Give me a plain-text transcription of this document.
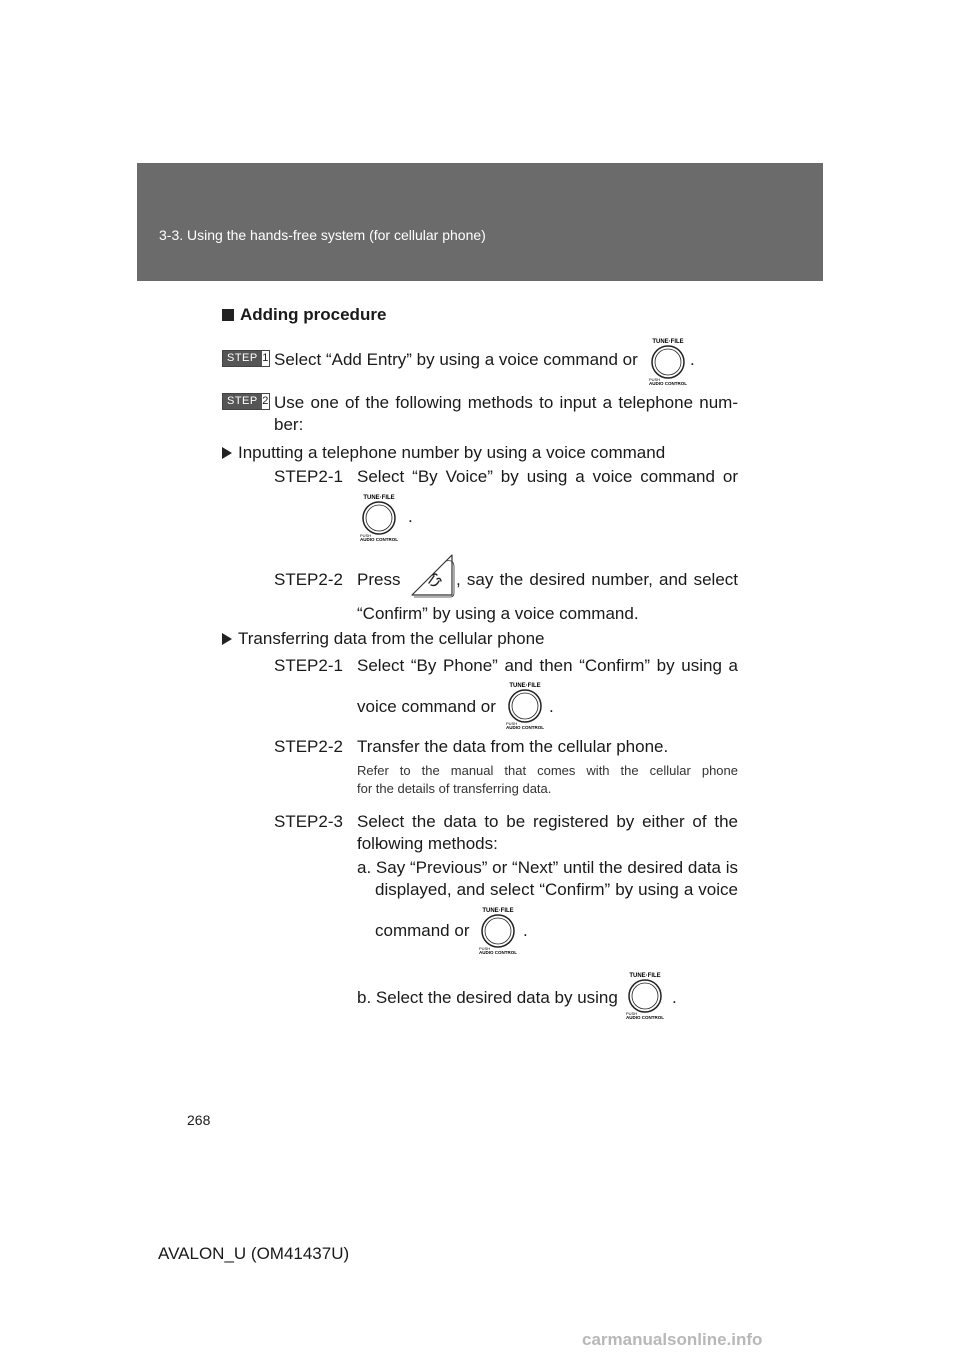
3-3. Using the hands-free system (for cellular phone)
Adding procedure
STEP 1 Select “Add Entry” by using a voice command or
TUNE·FILE
PUSH
AUDIO CONTROL
.
STEP 2 Use one of the following methods to input a telephone num-
ber:
Inputting a telephone number by using a voice command
STEP2-1 Select “By Voice” by using a voice command or
TUNE·FILE
PUSH
AUDIO CONTROL
.
STEP2-2 Press	, say the desired number, and select
“Confirm” by using a voice command.
Transferring data from the cellular phone
STEP2-1 Select “By Phone” and then “Confirm” by using a
voice command or
TUNE·FILE
PUSH
AUDIO CONTROL
.
STEP2-2 Transfer the data from the cellular phone.
Refer to the manual that comes with the cellular phone
for the details of transferring data.
STEP2-3 Select the data to be registered by either of the fol-
lowing methods:
a. Say “Previous” or “Next” until the desired data is
displayed, and select “Confirm” by using a voice
command or
TUNE·FILE
PUSH
AUDIO CONTROL
.
b. Select the desired data by using
TUNE·FILE
PUSH
AUDIO CONTROL
.
268
AVALON_U (OM41437U)
carmanualsonline.info
